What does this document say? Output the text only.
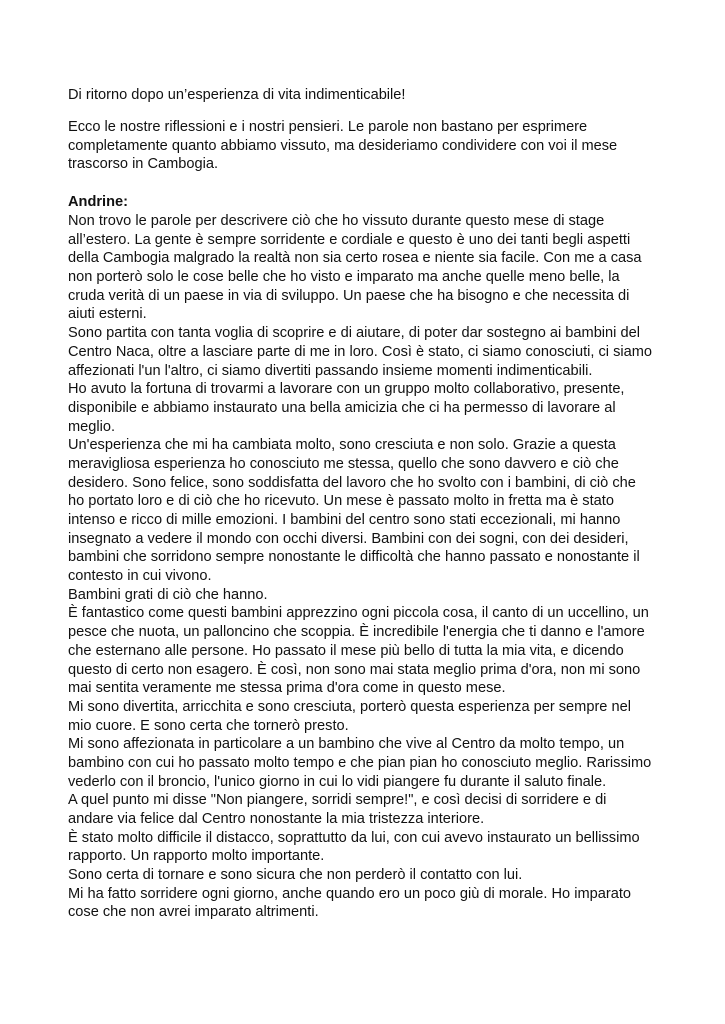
Di ritorno dopo un’esperienza di vita indimenticabile!
Ecco le nostre riflessioni e i nostri pensieri. Le parole non bastano per esprimere
completamente quanto abbiamo vissuto, ma desideriamo condividere con voi il mese
trascorso in Cambogia.
Andrine:
Non trovo le parole per descrivere ciò che ho vissuto durante questo mese di stage
all’estero. La gente è sempre sorridente e cordiale e questo è uno dei tanti begli aspetti
della Cambogia malgrado la realtà non sia certo rosea e niente sia facile. Con me a casa
non porterò solo le cose belle che ho visto e imparato ma anche quelle meno belle, la
cruda verità di un paese in via di sviluppo. Un paese che ha bisogno e che necessita di
aiuti esterni.
Sono partita con tanta voglia di scoprire e di aiutare, di poter dar sostegno ai bambini del
Centro Naca, oltre a lasciare parte di me in loro. Così è stato, ci siamo conosciuti, ci siamo
affezionati l'un l'altro, ci siamo divertiti passando insieme momenti indimenticabili.
Ho avuto la fortuna di trovarmi a lavorare con un gruppo molto collaborativo, presente,
disponibile e abbiamo instaurato una bella amicizia che ci ha permesso di lavorare al
meglio.
Un'esperienza che mi ha cambiata molto, sono cresciuta e non solo. Grazie a questa
meravigliosa esperienza ho conosciuto me stessa, quello che sono davvero e ciò che
desidero. Sono felice, sono soddisfatta del lavoro che ho svolto con i bambini, di ciò che
ho portato loro e di ciò che ho ricevuto. Un mese è passato molto in fretta ma è stato
intenso e ricco di mille emozioni. I bambini del centro sono stati eccezionali, mi hanno
insegnato a vedere il mondo con occhi diversi. Bambini con dei sogni, con dei desideri,
bambini che sorridono sempre nonostante le difficoltà che hanno passato e nonostante il
contesto in cui vivono.
Bambini grati di ciò che hanno.
È fantastico come questi bambini apprezzino ogni piccola cosa, il canto di un uccellino, un
pesce che nuota, un palloncino che scoppia. È incredibile l'energia che ti danno e l'amore
che esternano alle persone. Ho passato il mese più bello di tutta la mia vita, e dicendo
questo di certo non esagero. È così, non sono mai stata meglio prima d'ora, non mi sono
mai sentita veramente me stessa prima d'ora come in questo mese.
Mi sono divertita, arricchita e sono cresciuta, porterò questa esperienza per sempre nel
mio cuore. E sono certa che tornerò presto.
Mi sono affezionata in particolare a un bambino che vive al Centro da molto tempo, un
bambino con cui ho passato molto tempo e che pian pian ho conosciuto meglio. Rarissimo
vederlo con il broncio, l'unico giorno in cui lo vidi piangere fu durante il saluto finale.
A quel punto mi disse "Non piangere, sorridi sempre!", e così decisi di sorridere e di
andare via felice dal Centro nonostante la mia tristezza interiore.
È stato molto difficile il distacco, soprattutto da lui, con cui avevo instaurato un bellissimo
rapporto. Un rapporto molto importante.
Sono certa di tornare e sono sicura che non perderò il contatto con lui.
Mi ha fatto sorridere ogni giorno, anche quando ero un poco giù di morale. Ho imparato
cose che non avrei imparato altrimenti.
